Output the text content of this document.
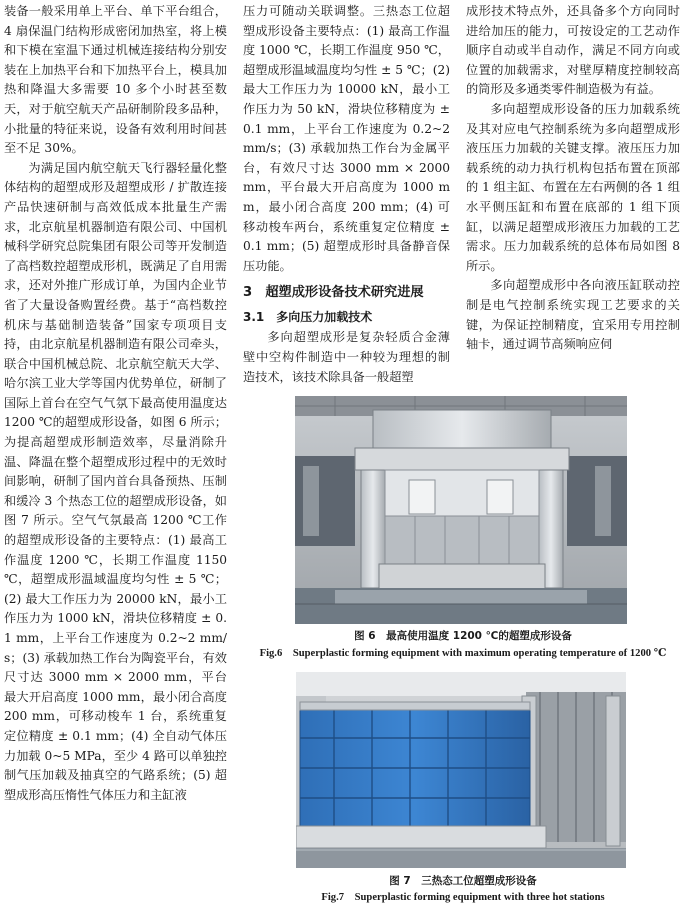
装备一般采用单上平台、单下平台组合，4 扇保温门结构形成密闭加热室，将上模和下模在室温下通过机械连接结构分别安装在上加热平台和下加热平台上，模具加热和降温大多需要 10 多个小时甚至数天，对于航空航天产品研制阶段多品种，小批量的特征来说，设备有效利用时间甚至不足 30%。

为满足国内航空航天飞行器轻量化整体结构的超塑成形及超塑成形 / 扩散连接产品快速研制与高效低成本批量生产需求，北京航星机器制造有限公司、中国机械科学研究总院集团有限公司等开发制造了高档数控超塑成形机，既满足了自用需求，还对外推广形成订单，为国内企业节省了大量设备购置经费。基于“高档数控机床与基础制造装备”国家专项项目支持，由北京航星机器制造有限公司牵头，联合中国机械总院、北京航空航天大学、哈尔滨工业大学等国内优势单位，研制了国际上首台在空气气氛下最高使用温度达 1200 ℃的超塑成形设备，如图 6 所示；为提高超塑成形制造效率，尽量消除升温、降温在整个超塑成形过程中的无效时间影响，研制了国内首台具备预热、压制和缓冷 3 个热态工位的超塑成形设备，如图 7 所示。空气气氛最高 1200 ℃工作的超塑成形设备的主要特点：(1) 最高工作温度 1200 ℃，长期工作温度 1150 ℃，超塑成形温域温度均匀性 ± 5 ℃；(2) 最大工作压力为 20000 kN，最小工作压力为 1000 kN，滑块位移精度 ± 0.1 mm，上平台工作速度为 0.2~2 mm/s；(3) 承载加热工作台为陶瓷平台，有效尺寸达 3000 mm × 2000 mm，平台最大开启高度 1000 mm，最小闭合高度 200 mm，可移动梭车 1 台，系统重复定位精度 ± 0.1 mm；(4) 全自动气体压力加载 0~5 MPa，至少 4 路可以单独控制气压加载及抽真空的气路系统；(5) 超塑成形高压惰性气体压力和主缸液

压力可随动关联调整。三热态工位超塑成形设备主要特点：(1) 最高工作温度 1000 ℃，长期工作温度 950 ℃，超塑成形温域温度均匀性 ± 5 ℃；(2) 最大工作压力为 10000 kN，最小工作压力为 50 kN，滑块位移精度为 ± 0.1 mm，上平台工作速度为 0.2~2 mm/s；(3) 承载加热工作台为金属平台，有效尺寸达 3000 mm × 2000 mm，平台最大开启高度为 1000 mm，最小闭合高度 200 mm；(4) 可移动梭车两台，系统重复定位精度 ± 0.1 mm；(5) 超塑成形时具备静音保压功能。

3　超塑成形设备技术研究进展
3.1　多向压力加载技术

多向超塑成形是复杂轻质合金薄壁中空构件制造中一种较为理想的制造技术，该技术除具备一般超塑

成形技术特点外，还具备多个方向同时进给加压的能力，可按设定的工艺动作顺序自动或半自动作，满足不同方向或位置的加载需求，对壁厚精度控制较高的筒形及多通类零件制造极为有益。

多向超塑成形设备的压力加载系统及其对应电气控制系统为多向超塑成形液压压力加载的关键支撑。液压压力加载系统的动力执行机构包括布置在顶部的 1 组主缸、布置在左右两侧的各 1 组水平侧压缸和布置在底部的 1 组下顶缸，以满足超塑成形液压力加载的工艺需求。压力加载系统的总体布局如图 8 所示。

多向超塑成形中各向液压缸联动控制是电气控制系统实现工艺要求的关键，为保证控制精度，宜采用专用控制轴卡，通过调节高频响应伺

图 6　最高使用温度 1200 ℃的超塑成形设备
Fig.6　Superplastic forming equipment with maximum operating temperature of 1200 ℃
图 7　三热态工位超塑成形设备
Fig.7　Superplastic forming equipment with three hot stations
